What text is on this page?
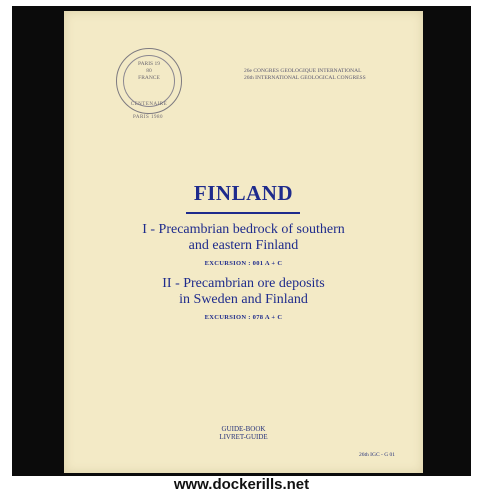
PARIS 19 80 FRANCE
CENTENAIRE
PARIS 1980
26e CONGRES GEOLOGIQUE INTERNATIONAL
26th INTERNATIONAL GEOLOGICAL CONGRESS
FINLAND
I - Precambrian bedrock of southern
and eastern Finland
EXCURSION : 001 A + C
II - Precambrian ore deposits
in Sweden and Finland
EXCURSION : 078 A + C
GUIDE-BOOK
LIVRET-GUIDE
26th IGC - G 01
www.dockerills.net
